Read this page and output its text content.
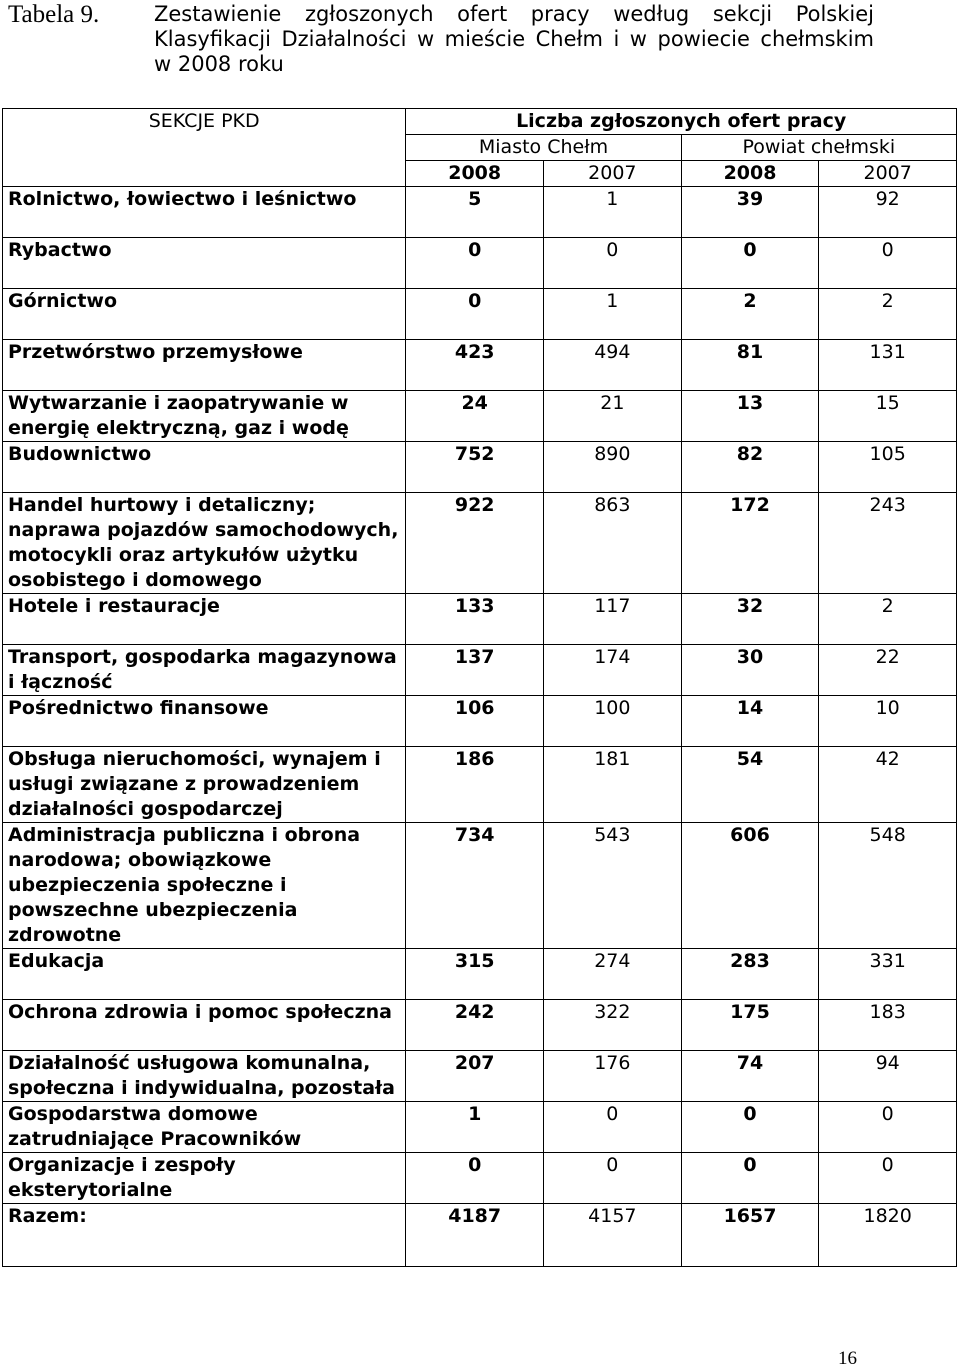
Tabela 9.	Zestawienie zgłoszonych ofert pracy według sekcji Polskiej
Klasyfikacji Działalności w mieście Chełm i w powiecie chełmskim
w 2008 roku
SEKCJE PKD	Liczba zgłoszonych ofert pracy			
	Miasto Chełm		Powiat chełmski	
	2008	2007	2008	2007
Rolnictwo, łowiectwo i leśnictwo	5	1	39	92
Rybactwo	0	0	0	0
Górnictwo	0	1	2	2
Przetwórstwo przemysłowe	423	494	81	131
Wytwarzanie i zaopatrywanie w energię elektryczną, gaz i wodę	24	21	13	15
Budownictwo	752	890	82	105
Handel hurtowy i detaliczny; naprawa pojazdów samochodowych, motocykli oraz artykułów użytku osobistego i domowego	922	863	172	243
Hotele i restauracje	133	117	32	2
Transport, gospodarka magazynowa i łączność	137	174	30	22
Pośrednictwo finansowe	106	100	14	10
Obsługa nieruchomości, wynajem i usługi związane z prowadzeniem działalności gospodarczej	186	181	54	42
Administracja publiczna i obrona narodowa; obowiązkowe ubezpieczenia społeczne i powszechne ubezpieczenia zdrowotne	734	543	606	548
Edukacja	315	274	283	331
Ochrona zdrowia i pomoc społeczna	242	322	175	183
Działalność usługowa komunalna, społeczna i indywidualna, pozostała	207	176	74	94
Gospodarstwa domowe zatrudniające Pracowników	1	0	0	0
Organizacje i zespoły eksterytorialne	0	0	0	0
Razem:	4187	4157	1657	1820
16
